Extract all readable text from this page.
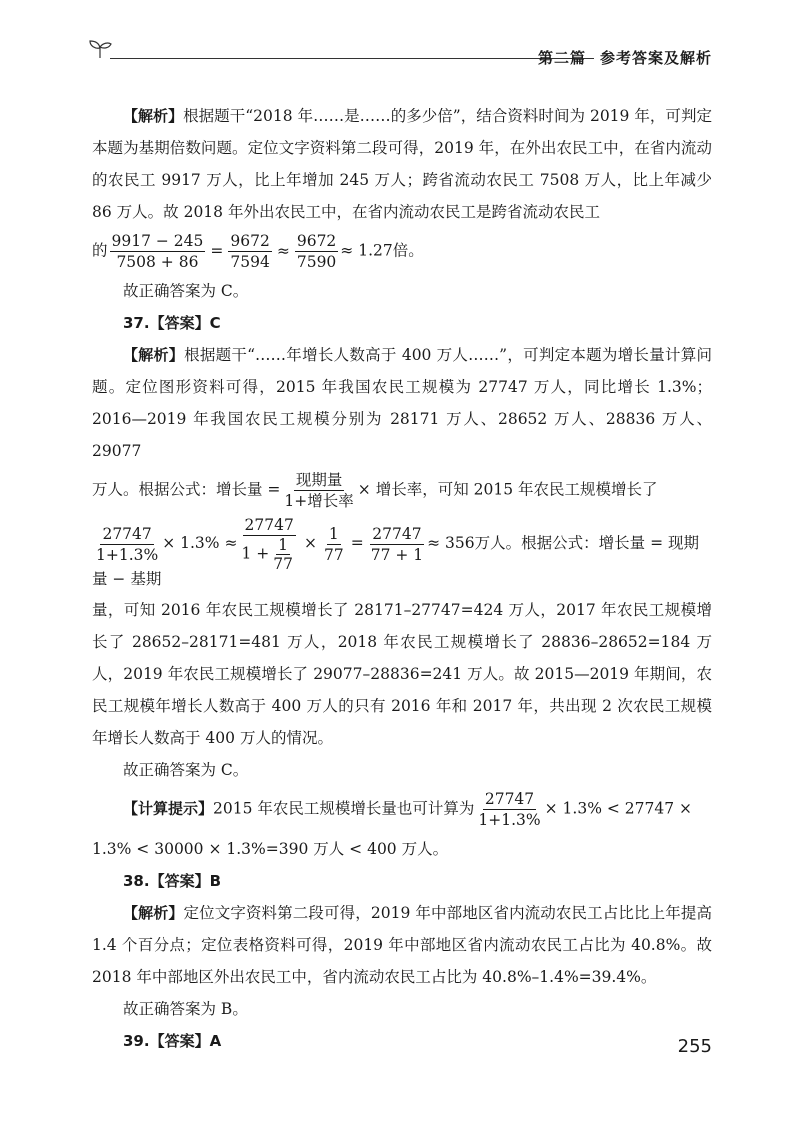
第二篇 参考答案及解析

【解析】根据题干“2018 年……是……的多少倍”，结合资料时间为 2019 年，可判定本题为基期倍数问题。定位文字资料第二段可得，2019 年，在外出农民工中，在省内流动的农民工 9917 万人，比上年增加 245 万人；跨省流动农民工 7508 万人，比上年减少 86 万人。故 2018 年外出农民工中，在省内流动农民工是跨省流动农民工

的 $\frac{9917 - 245}{7508 + 86} = \frac{9672}{7594} \approx \frac{9672}{7590} \approx 1.27$倍。

故正确答案为 C。

37.【答案】C

【解析】根据题干“……年增长人数高于 400 万人……”，可判定本题为增长量计算问题。定位图形资料可得，2015 年我国农民工规模为 27747 万人，同比增长 1.3%；2016—2019 年我国农民工规模分别为 28171 万人、28652 万人、28836 万人、29077

万人。根据公式：增长量 = $\frac{\text{现期量}}{\text{1+增长率}}$ × 增长率，可知 2015 年农民工规模增长了

$\frac{27747}{1+1.3\%} \times 1.3\% \approx \frac{27747}{1 + \frac{1}{77}} \times \frac{1}{77} = \frac{27747}{77 + 1} \approx 356$万人。根据公式：增长量 = 现期量 − 基期

量，可知 2016 年农民工规模增长了 28171–27747=424 万人，2017 年农民工规模增长了 28652–28171=481 万人，2018 年农民工规模增长了 28836–28652=184 万人，2019 年农民工规模增长了 29077–28836=241 万人。故 2015—2019 年期间，农民工规模年增长人数高于 400 万人的只有 2016 年和 2017 年，共出现 2 次农民工规模年增长人数高于 400 万人的情况。

故正确答案为 C。

【计算提示】2015 年农民工规模增长量也可计算为 $\frac{27747}{1+1.3\%} \times 1.3\% < 27747$ ×

1.3% < 30000 × 1.3%=390 万人 < 400 万人。

38.【答案】B

【解析】定位文字资料第二段可得，2019 年中部地区省内流动农民工占比比上年提高 1.4 个百分点；定位表格资料可得，2019 年中部地区省内流动农民工占比为 40.8%。故 2018 年中部地区外出农民工中，省内流动农民工占比为 40.8%–1.4%=39.4%。

故正确答案为 B。

39.【答案】A	255
